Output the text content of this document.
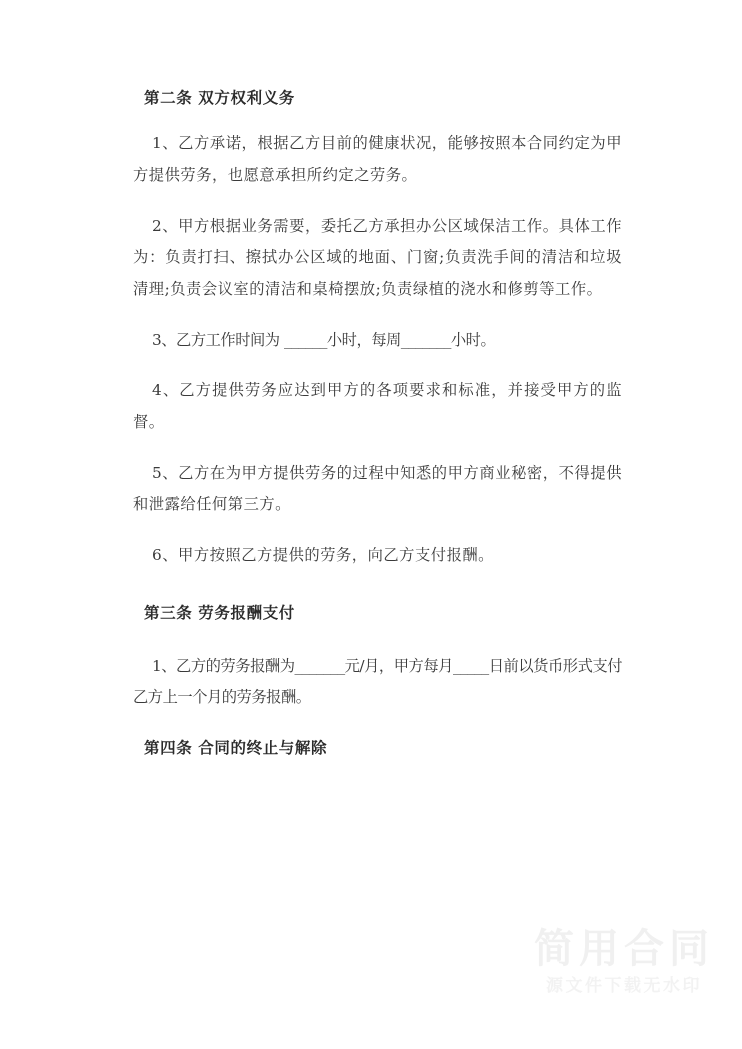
第二条 双方权利义务

1、乙方承诺，根据乙方目前的健康状况，能够按照本合同约定为甲方提供劳务，也愿意承担所约定之劳务。

2、甲方根据业务需要，委托乙方承担办公区域保洁工作。具体工作为：负责打扫、擦拭办公区域的地面、门窗;负责洗手间的清洁和垃圾清理;负责会议室的清洁和桌椅摆放;负责绿植的浇水和修剪等工作。

3、乙方工作时间为 ______小时，每周_______小时。

4、乙方提供劳务应达到甲方的各项要求和标准，并接受甲方的监督。

5、乙方在为甲方提供劳务的过程中知悉的甲方商业秘密，不得提供和泄露给任何第三方。

6、甲方按照乙方提供的劳务，向乙方支付报酬。

第三条 劳务报酬支付

1、乙方的劳务报酬为_______元/月，甲方每月_____日前以货币形式支付乙方上一个月的劳务报酬。

第四条 合同的终止与解除
简用合同
源文件下载无水印
